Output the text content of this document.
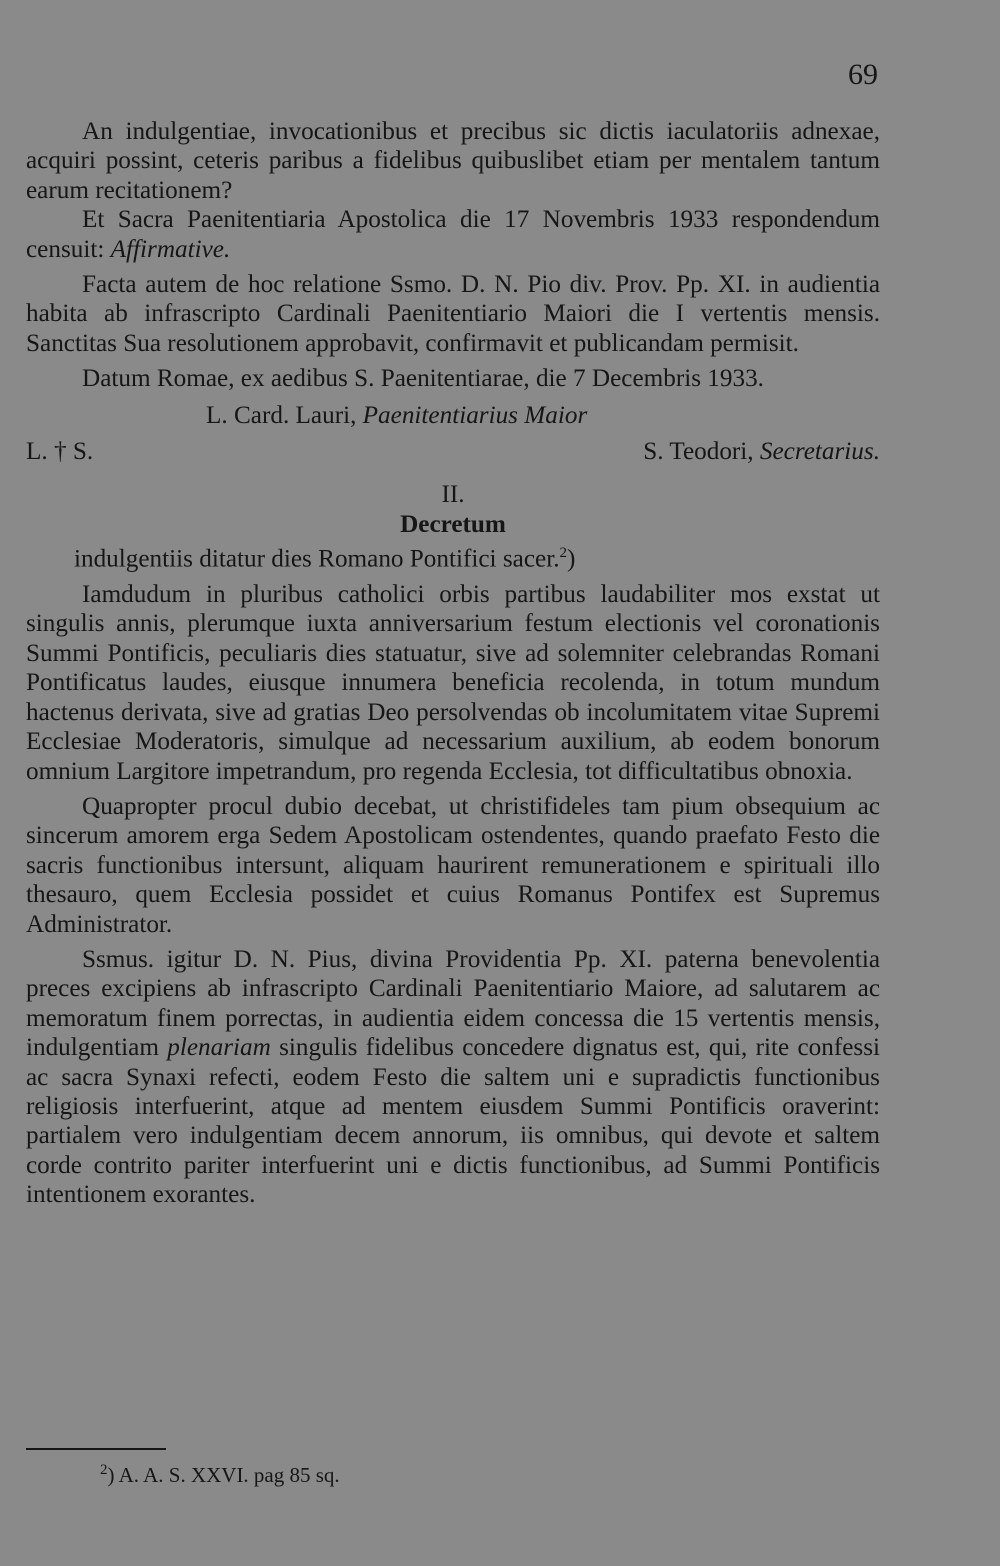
69

An indulgentiae, invocationibus et precibus sic dictis iaculatoriis adnexae, acquiri possint, ceteris paribus a fidelibus quibuslibet etiam per mentalem tantum earum recitationem?

Et Sacra Paenitentiaria Apostolica die 17 Novembris 1933 respondendum censuit: Affirmative.

Facta autem de hoc relatione Ssmo. D. N. Pio div. Prov. Pp. XI. in audientia habita ab infrascripto Cardinali Paenitentiario Maiori die I vertentis mensis. Sanctitas Sua resolutionem approbavit, confirmavit et publicandam permisit.

Datum Romae, ex aedibus S. Paenitentiarae, die 7 Decembris 1933.

L. Card. Lauri, Paenitentiarius Maior

L. † S.	S. Teodori, Secretarius.

II.

Decretum

indulgentiis ditatur dies Romano Pontifici sacer.$^2$)

Iamdudum in pluribus catholici orbis partibus laudabiliter mos exstat ut singulis annis, plerumque iuxta anniversarium festum electionis vel coronationis Summi Pontificis, peculiaris dies statuatur, sive ad solemniter celebrandas Romani Pontificatus laudes, eiusque innumera beneficia recolenda, in totum mundum hactenus derivata, sive ad gratias Deo persolvendas ob incolumitatem vitae Supremi Ecclesiae Moderatoris, simulque ad necessarium auxilium, ab eodem bonorum omnium Largitore impetrandum, pro regenda Ecclesia, tot difficultatibus obnoxia.

Quapropter procul dubio decebat, ut christifideles tam pium obsequium ac sincerum amorem erga Sedem Apostolicam ostendentes, quando praefato Festo die sacris functionibus intersunt, aliquam haurirent remunerationem e spirituali illo thesauro, quem Ecclesia possidet et cuius Romanus Pontifex est Supremus Administrator.

Ssmus. igitur D. N. Pius, divina Providentia Pp. XI. paterna benevolentia preces excipiens ab infrascripto Cardinali Paenitentiario Maiore, ad salutarem ac memoratum finem porrectas, in audientia eidem concessa die 15 vertentis mensis, indulgentiam plenariam singulis fidelibus concedere dignatus est, qui, rite confessi ac sacra Synaxi refecti, eodem Festo die saltem uni e supradictis functionibus religiosis interfuerint, atque ad mentem eiusdem Summi Pontificis oraverint: partialem vero indulgentiam decem annorum, iis omnibus, qui devote et saltem corde contrito pariter interfuerint uni e dictis functionibus, ad Summi Pontificis intentionem exorantes.

$^2$) A. A. S. XXVI. pag 85 sq.
